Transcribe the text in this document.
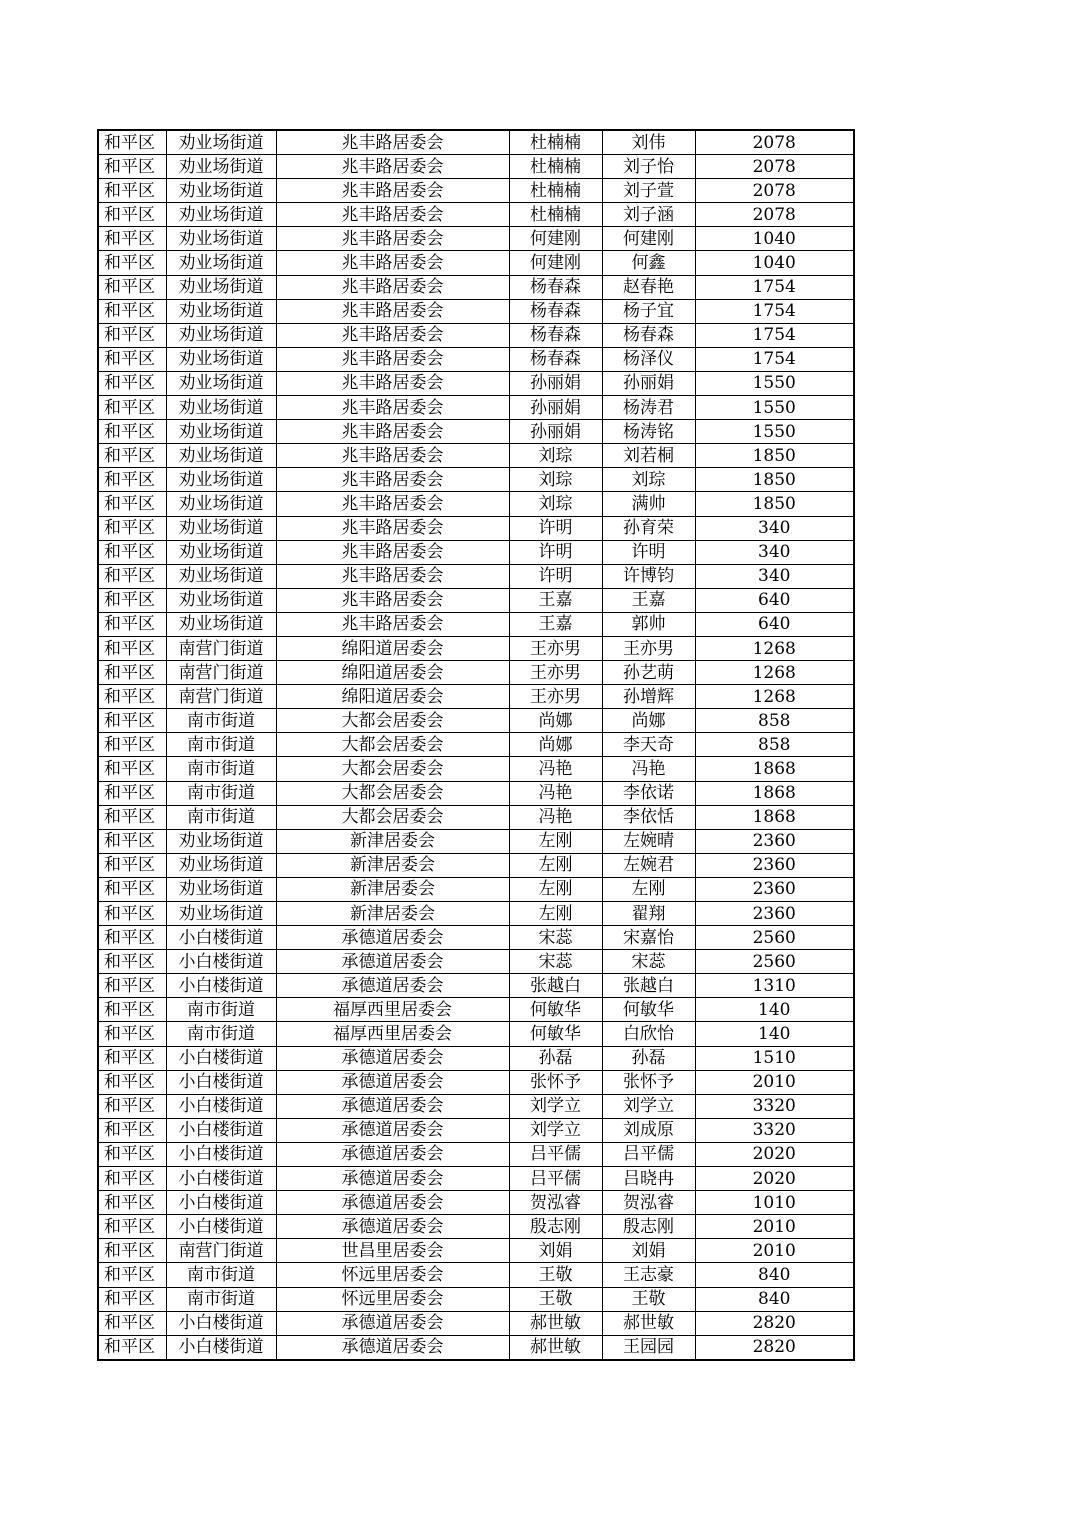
和平区	劝业场街道	兆丰路居委会	杜楠楠	刘伟	2078
和平区	劝业场街道	兆丰路居委会	杜楠楠	刘子怡	2078
和平区	劝业场街道	兆丰路居委会	杜楠楠	刘子萱	2078
和平区	劝业场街道	兆丰路居委会	杜楠楠	刘子涵	2078
和平区	劝业场街道	兆丰路居委会	何建刚	何建刚	1040
和平区	劝业场街道	兆丰路居委会	何建刚	何鑫	1040
和平区	劝业场街道	兆丰路居委会	杨春森	赵春艳	1754
和平区	劝业场街道	兆丰路居委会	杨春森	杨子宜	1754
和平区	劝业场街道	兆丰路居委会	杨春森	杨春森	1754
和平区	劝业场街道	兆丰路居委会	杨春森	杨泽仪	1754
和平区	劝业场街道	兆丰路居委会	孙丽娟	孙丽娟	1550
和平区	劝业场街道	兆丰路居委会	孙丽娟	杨涛君	1550
和平区	劝业场街道	兆丰路居委会	孙丽娟	杨涛铭	1550
和平区	劝业场街道	兆丰路居委会	刘琮	刘若桐	1850
和平区	劝业场街道	兆丰路居委会	刘琮	刘琮	1850
和平区	劝业场街道	兆丰路居委会	刘琮	满帅	1850
和平区	劝业场街道	兆丰路居委会	许明	孙育荣	340
和平区	劝业场街道	兆丰路居委会	许明	许明	340
和平区	劝业场街道	兆丰路居委会	许明	许博钧	340
和平区	劝业场街道	兆丰路居委会	王嘉	王嘉	640
和平区	劝业场街道	兆丰路居委会	王嘉	郭帅	640
和平区	南营门街道	绵阳道居委会	王亦男	王亦男	1268
和平区	南营门街道	绵阳道居委会	王亦男	孙艺萌	1268
和平区	南营门街道	绵阳道居委会	王亦男	孙增辉	1268
和平区	南市街道	大都会居委会	尚娜	尚娜	858
和平区	南市街道	大都会居委会	尚娜	李天奇	858
和平区	南市街道	大都会居委会	冯艳	冯艳	1868
和平区	南市街道	大都会居委会	冯艳	李依诺	1868
和平区	南市街道	大都会居委会	冯艳	李依恬	1868
和平区	劝业场街道	新津居委会	左刚	左婉晴	2360
和平区	劝业场街道	新津居委会	左刚	左婉君	2360
和平区	劝业场街道	新津居委会	左刚	左刚	2360
和平区	劝业场街道	新津居委会	左刚	翟翔	2360
和平区	小白楼街道	承德道居委会	宋蕊	宋嘉怡	2560
和平区	小白楼街道	承德道居委会	宋蕊	宋蕊	2560
和平区	小白楼街道	承德道居委会	张越白	张越白	1310
和平区	南市街道	福厚西里居委会	何敏华	何敏华	140
和平区	南市街道	福厚西里居委会	何敏华	白欣怡	140
和平区	小白楼街道	承德道居委会	孙磊	孙磊	1510
和平区	小白楼街道	承德道居委会	张怀予	张怀予	2010
和平区	小白楼街道	承德道居委会	刘学立	刘学立	3320
和平区	小白楼街道	承德道居委会	刘学立	刘成原	3320
和平区	小白楼街道	承德道居委会	吕平儒	吕平儒	2020
和平区	小白楼街道	承德道居委会	吕平儒	吕晓冉	2020
和平区	小白楼街道	承德道居委会	贺泓睿	贺泓睿	1010
和平区	小白楼街道	承德道居委会	殷志刚	殷志刚	2010
和平区	南营门街道	世昌里居委会	刘娟	刘娟	2010
和平区	南市街道	怀远里居委会	王敬	王志豪	840
和平区	南市街道	怀远里居委会	王敬	王敬	840
和平区	小白楼街道	承德道居委会	郝世敏	郝世敏	2820
和平区	小白楼街道	承德道居委会	郝世敏	王园园	2820
